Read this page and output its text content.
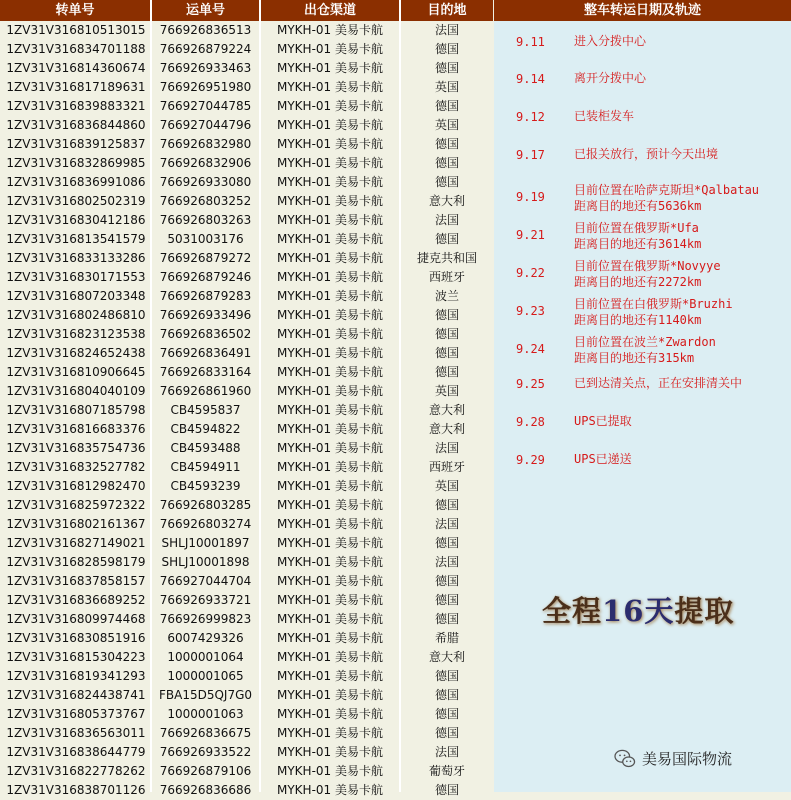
转单号	运单号	出仓渠道	目的地	整车转运日期及轨迹
1ZV31V316810513015	766926836513	MYKH-01 美易卡航	法国
1ZV31V316834701188	766926879224	MYKH-01 美易卡航	德国
1ZV31V316814360674	766926933463	MYKH-01 美易卡航	德国
1ZV31V316817189631	766926951980	MYKH-01 美易卡航	英国
1ZV31V316839883321	766927044785	MYKH-01 美易卡航	德国
1ZV31V316836844860	766927044796	MYKH-01 美易卡航	英国
1ZV31V316839125837	766926832980	MYKH-01 美易卡航	德国
1ZV31V316832869985	766926832906	MYKH-01 美易卡航	德国
1ZV31V316836991086	766926933080	MYKH-01 美易卡航	德国
1ZV31V316802502319	766926803252	MYKH-01 美易卡航	意大利
1ZV31V316830412186	766926803263	MYKH-01 美易卡航	法国
1ZV31V316813541579	5031003176	MYKH-01 美易卡航	德国
1ZV31V316833133286	766926879272	MYKH-01 美易卡航	捷克共和国
1ZV31V316830171553	766926879246	MYKH-01 美易卡航	西班牙
1ZV31V316807203348	766926879283	MYKH-01 美易卡航	波兰
1ZV31V316802486810	766926933496	MYKH-01 美易卡航	德国
1ZV31V316823123538	766926836502	MYKH-01 美易卡航	德国
1ZV31V316824652438	766926836491	MYKH-01 美易卡航	德国
1ZV31V316810906645	766926833164	MYKH-01 美易卡航	德国
1ZV31V316804040109	766926861960	MYKH-01 美易卡航	英国
1ZV31V316807185798	CB4595837	MYKH-01 美易卡航	意大利
1ZV31V316816683376	CB4594822	MYKH-01 美易卡航	意大利
1ZV31V316835754736	CB4593488	MYKH-01 美易卡航	法国
1ZV31V316832527782	CB4594911	MYKH-01 美易卡航	西班牙
1ZV31V316812982470	CB4593239	MYKH-01 美易卡航	英国
1ZV31V316825972322	766926803285	MYKH-01 美易卡航	德国
1ZV31V316802161367	766926803274	MYKH-01 美易卡航	法国
1ZV31V316827149021	SHLJ10001897	MYKH-01 美易卡航	德国
1ZV31V316828598179	SHLJ10001898	MYKH-01 美易卡航	法国
1ZV31V316837858157	766927044704	MYKH-01 美易卡航	德国
1ZV31V316836689252	766926933721	MYKH-01 美易卡航	德国
1ZV31V316809974468	766926999823	MYKH-01 美易卡航	德国
1ZV31V316830851916	6007429326	MYKH-01 美易卡航	希腊
1ZV31V316815304223	1000001064	MYKH-01 美易卡航	意大利
1ZV31V316819341293	1000001065	MYKH-01 美易卡航	德国
1ZV31V316824438741	FBA15D5QJ7G0	MYKH-01 美易卡航	德国
1ZV31V316805373767	1000001063	MYKH-01 美易卡航	德国
1ZV31V316836563011	766926836675	MYKH-01 美易卡航	德国
1ZV31V316838644779	766926933522	MYKH-01 美易卡航	法国
1ZV31V316822778262	766926879106	MYKH-01 美易卡航	葡萄牙
1ZV31V316838701126	766926836686	MYKH-01 美易卡航	德国
9.11	进入分拨中心
9.14	离开分拨中心
9.12	已装柜发车
9.17	已报关放行，预计今天出境
9.19	目前位置在哈萨克斯坦*Qalbatau
距离目的地还有5636km
9.21	目前位置在俄罗斯*Ufa
距离目的地还有3614km
9.22	目前位置在俄罗斯*Novyye
距离目的地还有2272km
9.23	目前位置在白俄罗斯*Bruzhi
距离目的地还有1140km
9.24	目前位置在波兰*Zwardon
距离目的地还有315km
9.25	已到达清关点，正在安排清关中
9.28	UPS已提取
9.29	UPS已递送
全程16天提取
美易国际物流
